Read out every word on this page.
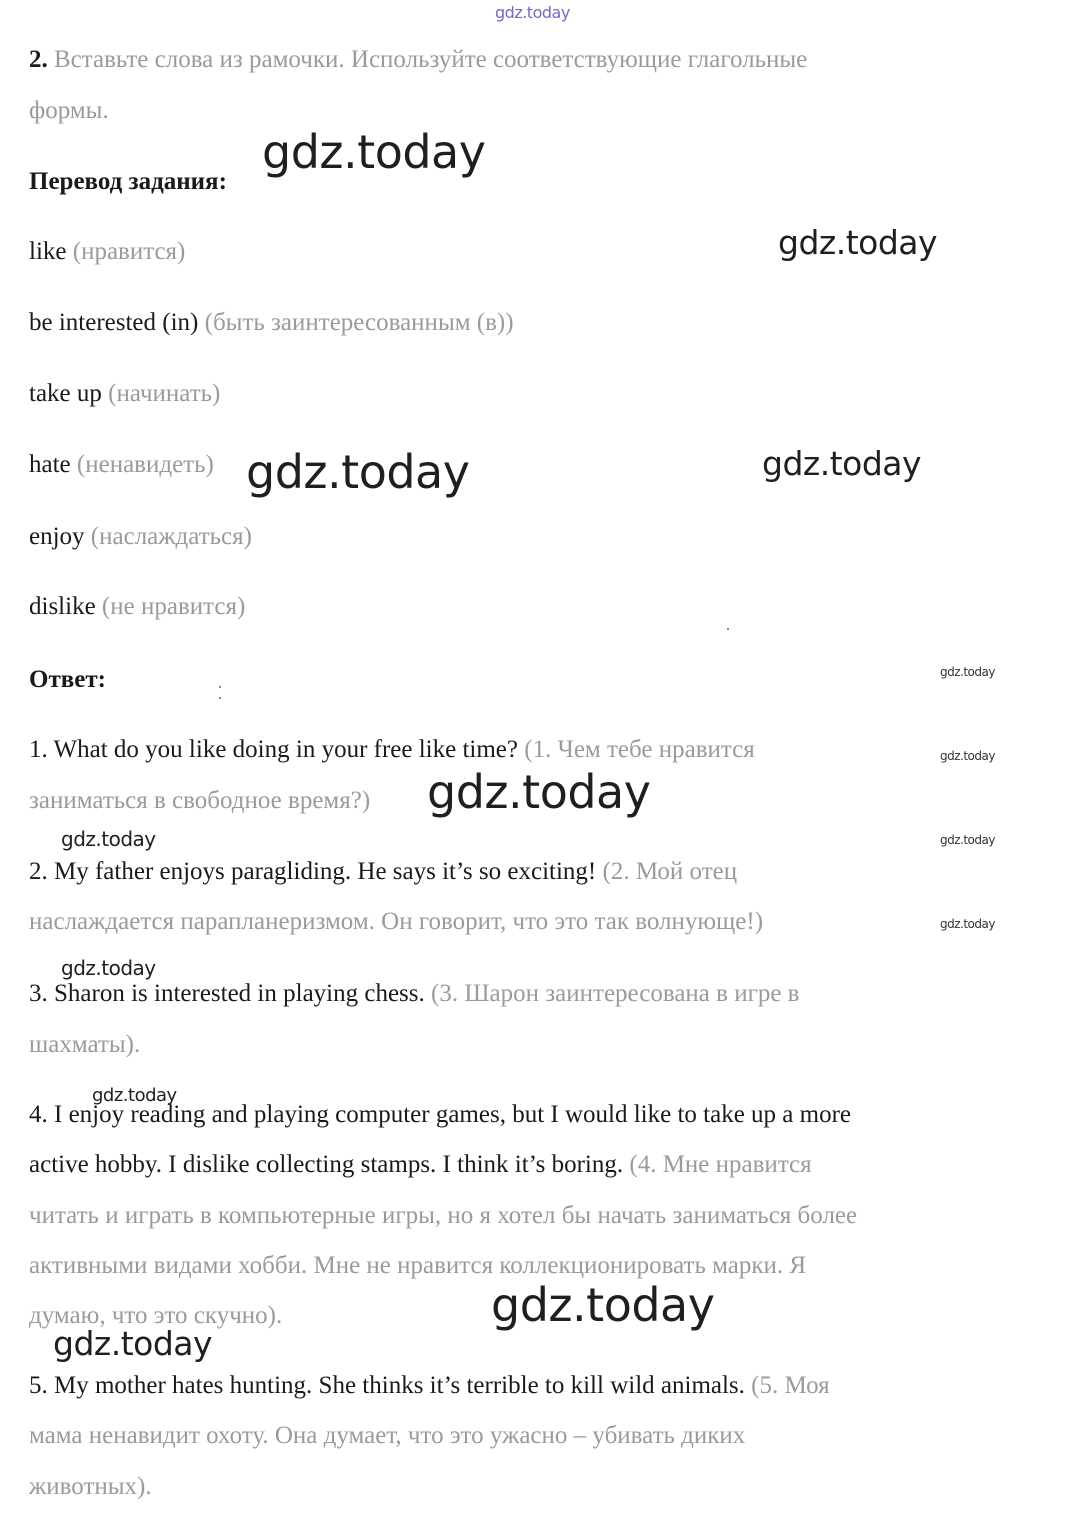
gdz.today
2. Вставьте слова из рамочки. Используйте соответствующие глагольные
формы.
Перевод задания:
like (нравится)
be interested (in) (быть заинтересованным (в))
take up (начинать)
hate (ненавидеть)
enjoy (наслаждаться)
dislike (не нравится)
Ответ:
1. What do you like doing in your free like time? (1. Чем тебе нравится
заниматься в свободное время?)
2. My father enjoys paragliding. He says it’s so exciting! (2. Мой отец
наслаждается парапланеризмом. Он говорит, что это так волнующе!)
3. Sharon is interested in playing chess. (3. Шарон заинтересована в игре в
шахматы).
4. I enjoy reading and playing computer games, but I would like to take up a more
active hobby. I dislike collecting stamps. I think it’s boring. (4. Мне нравится
читать и играть в компьютерные игры, но я хотел бы начать заниматься более
активными видами хобби. Мне не нравится коллекционировать марки. Я
думаю, что это скучно).
5. My mother hates hunting. She thinks it’s terrible to kill wild animals. (5. Моя
мама ненавидит охоту. Она думает, что это ужасно – убивать диких
животных).
gdz.today
gdz.today
gdz.today	gdz.today
gdz.today
gdz.today
gdz.today
gdz.today	gdz.today
gdz.today
gdz.today
gdz.today
gdz.today
gdz.today
